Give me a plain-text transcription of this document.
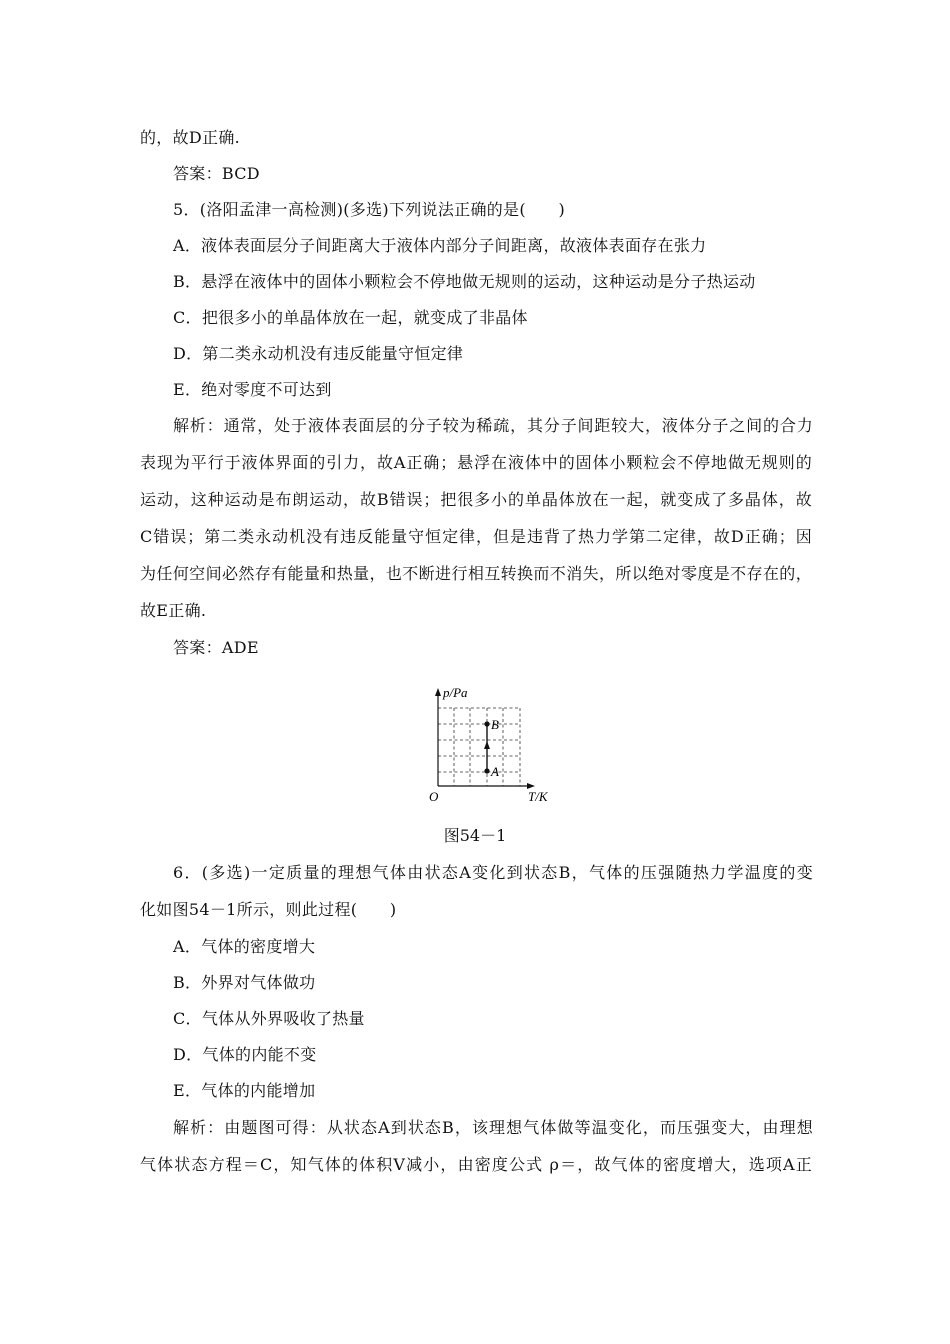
的，故D正确.
答案：BCD
5．(洛阳孟津一高检测)(多选)下列说法正确的是(　　)
A．液体表面层分子间距离大于液体内部分子间距离，故液体表面存在张力
B．悬浮在液体中的固体小颗粒会不停地做无规则的运动，这种运动是分子热运动
C．把很多小的单晶体放在一起，就变成了非晶体
D．第二类永动机没有违反能量守恒定律
E．绝对零度不可达到
解析：通常，处于液体表面层的分子较为稀疏，其分子间距较大，液体分子之间的合力
表现为平行于液体界面的引力，故A正确；悬浮在液体中的固体小颗粒会不停地做无规则的
运动，这种运动是布朗运动，故B错误；把很多小的单晶体放在一起，就变成了多晶体，故
C错误；第二类永动机没有违反能量守恒定律，但是违背了热力学第二定律，故D正确；因
为任何空间必然存有能量和热量，也不断进行相互转换而不消失，所以绝对零度是不存在的，
故E正确.
答案：ADE
p/Pa
T/K
O
A
B
图54－1
6．(多选)一定质量的理想气体由状态A变化到状态B，气体的压强随热力学温度的变
化如图54－1所示，则此过程(　　)
A．气体的密度增大
B．外界对气体做功
C．气体从外界吸收了热量
D．气体的内能不变
E．气体的内能增加
解析：由题图可得：从状态A到状态B，该理想气体做等温变化，而压强变大，由理想
气体状态方程＝C，知气体的体积V减小，由密度公式 ρ＝，故气体的密度增大，选项A正
